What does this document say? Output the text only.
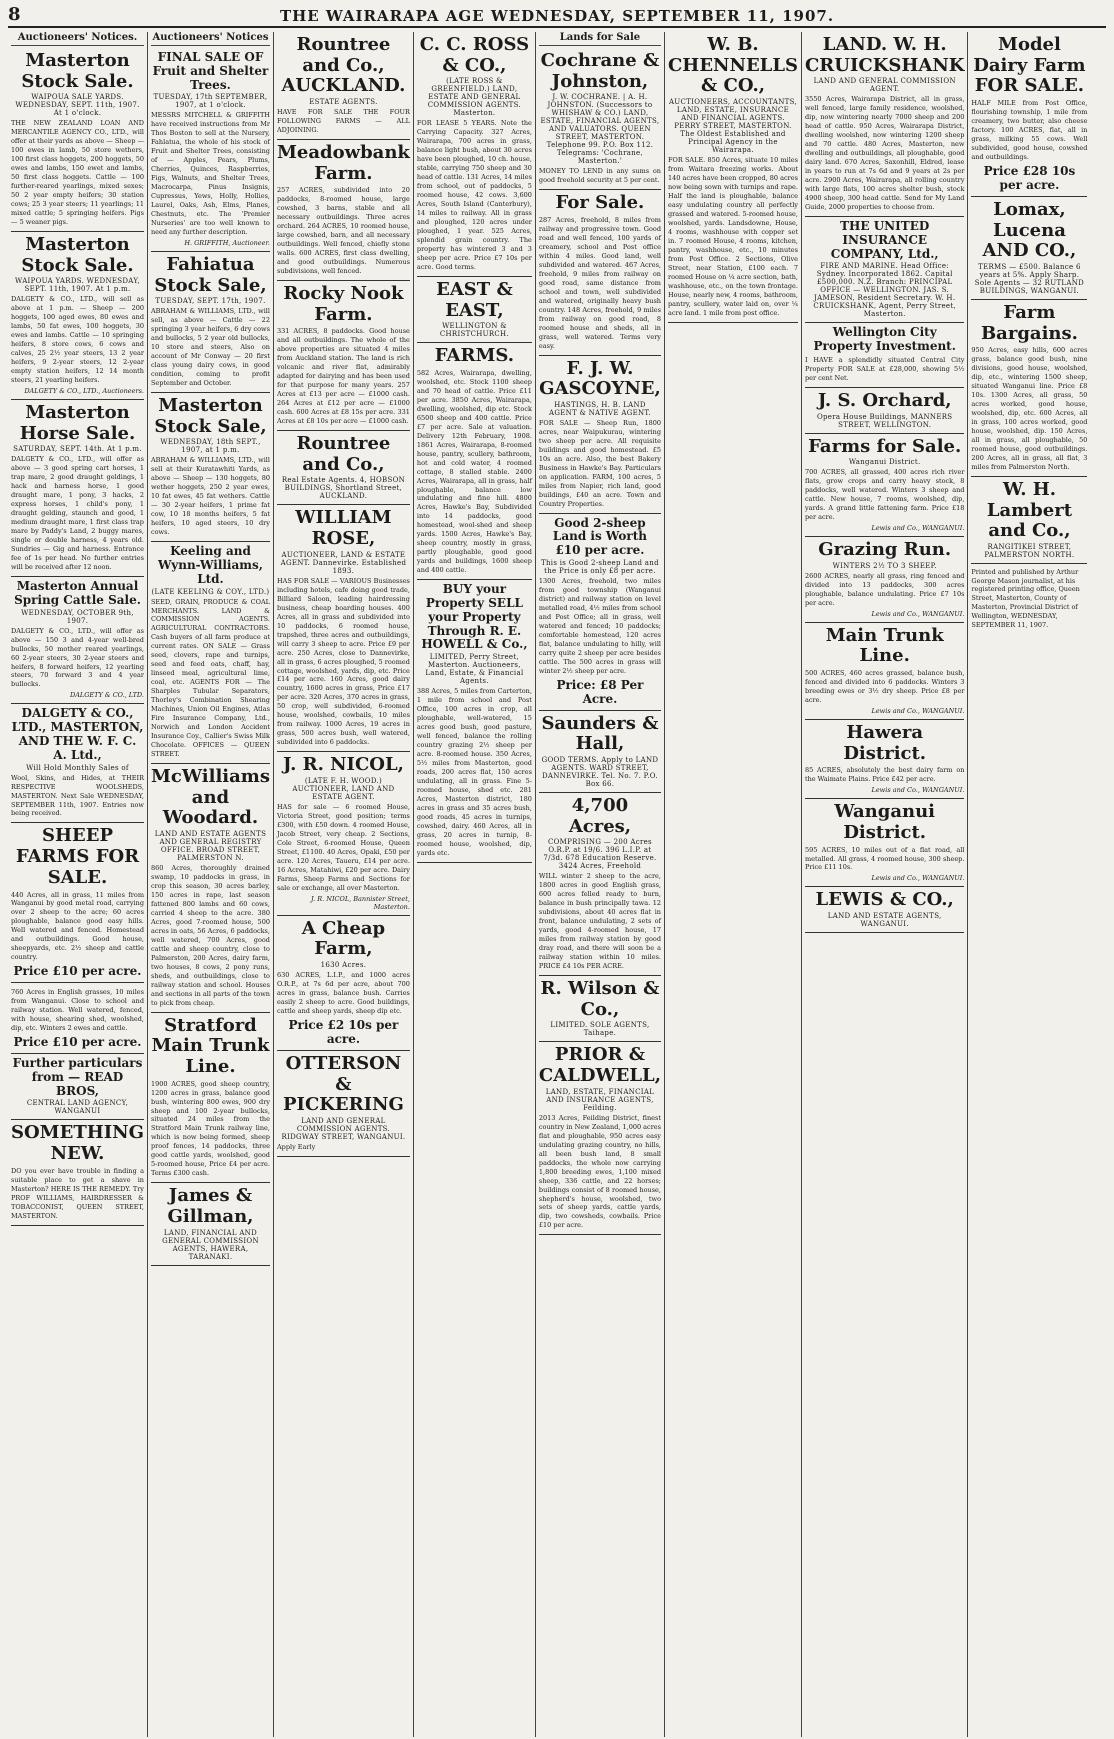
8	THE WAIRARAPA AGE WEDNESDAY, SEPTEMBER 11, 1907.
Auctioneers' Notices.
Masterton Stock Sale.
WAIPOUA SALE YARDS. WEDNESDAY, SEPT. 11th, 1907. At 1 o'clock.
THE NEW ZEALAND LOAN AND MERCANTILE AGENCY CO., LTD., will offer at their yards as above — Sheep — 100 ewes in lamb, 50 store wethers, 100 first class hoggets, 200 hoggets, 50 ewes and lambs, 150 ewet and lambs, 50 first class hoggets. Cattle — 100 further-reared yearlings, mixed sexes; 50 2 year empty heifers; 30 station cows; 25 3 year steers; 11 yearlings; 11 mixed cattle; 5 springing heifers. Pigs — 5 weaner pigs.
Masterton Stock Sale.
WAIPOUA YARDS. WEDNESDAY, SEPT. 11th, 1907. At 1 p.m.
DALGETY & CO., LTD., will sell as above at 1 p.m. — Sheep — 200 hoggets, 100 aged ewes, 80 ewes and lambs, 50 fat ewes, 100 hoggets, 30 ewes and lambs. Cattle — 10 springing heifers, 8 store cows, 6 cows and calves, 25 2½ year steers, 13 2 year heifers, 9 2-year steers, 12 2-year empty station heifers, 12 14 month steers, 21 yearling heifers.
DALGETY & CO., LTD., Auctioneers.
Masterton Horse Sale.
SATURDAY, SEPT. 14th. At 1 p.m.
DALGETY & CO., LTD., will offer as above — 3 good spring cart horses, 1 trap mare, 2 good draught geldings, 1 hack and harness horse, 1 good draught mare, 1 pony, 3 hacks, 2 express horses, 1 child's pony, 1 draught gelding, staunch and good, 1 medium draught mare, 1 first class trap mare by Paddy's Land, 2 buggy mares, single or double harness, 4 years old. Sundries — Gig and harness. Entrance fee of 1s per head. No further entries will be received after 12 noon.
Masterton Annual Spring Cattle Sale.
WEDNESDAY, OCTOBER 9th, 1907.
DALGETY & CO., LTD., will offer as above — 150 3 and 4-year well-bred bullocks, 50 mother reared yearlings, 60 2-year steers, 30 2-year steers and heifers, 8 forward heifers, 12 yearling steers, 70 forward 3 and 4 year bullocks.
DALGETY & CO., LTD.
DALGETY & CO., LTD., MASTERTON, AND THE W. F. C. A. Ltd.,
Will Hold Monthly Sales of
Wool, Skins, and Hides, at THEIR RESPECTIVE WOOLSHEDS, MASTERTON. Next Sale WEDNESDAY, SEPTEMBER 11th, 1907. Entries now being received.
SHEEP FARMS FOR SALE.
440 Acres, all in grass, 11 miles from Wanganui by good metal road, carrying over 2 sheep to the acre; 60 acres ploughable, balance good easy hills. Well watered and fenced. Homestead and outbuildings. Good house, sheepyards, etc. 2½ sheep and cattle country.
Price £10 per acre.
760 Acres in English grasses, 10 miles from Wanganui. Close to school and railway station. Well watered, fenced, with house, shearing shed, woolshed, dip, etc. Winters 2 ewes and cattle.
Price £10 per acre.
Further particulars from — READ BROS,
CENTRAL LAND AGENCY, WANGANUI
SOMETHING NEW.
DO you ever have trouble in finding a suitable place to get a shave in Masterton? HERE IS THE REMEDY. Try PROF WILLIAMS, HAIRDRESSER & TOBACCONIST, QUEEN STREET, MASTERTON.
Auctioneers' Notices
FINAL SALE OF Fruit and Shelter Trees.
TUESDAY, 17th SEPTEMBER, 1907, at 1 o'clock.
MESSRS MITCHELL & GRIFFITH have received instructions from Mr Thos Boston to sell at the Nursery, Fahlatua, the whole of his stock of Fruit and Shelter Trees, consisting of — Apples, Pears, Plums, Cherries, Quinces, Raspberries, Figs, Walnuts, and Shelter Trees, Macrocarpa, Pinus Insignis, Cupressus, Yews, Holly, Hollies, Laurel, Oaks, Ash, Elms, Planes, Chestnuts, etc. The 'Premier Nurseries' are too well known to need any further description.
H. GRIFFITH, Auctioneer.
Fahiatua Stock Sale,
TUESDAY, SEPT. 17th, 1907.
ABRAHAM & WILLIAMS, LTD., will sell, as above — Cattle — 22 springing 3 year heifers, 6 dry cows and bullocks, 5 2 year old bullocks, 10 store and steers, Also on account of Mr Conway — 20 first class young dairy cows, in good condition, coming to profit September and October.
Masterton Stock Sale,
WEDNESDAY, 18th SEPT., 1907, at 1 p.m.
ABRAHAM & WILLIAMS, LTD., will sell at their Kuratawhiti Yards, as above — Sheep — 130 hoggets, 80 wether hoggets, 250 2 year ewes, 10 fat ewes, 45 fat wethers. Cattle — 30 2-year heifers, 1 prime fat cow, 10 18 months heifers, 5 fat heifers, 10 aged steers, 10 dry cows.
Keeling and Wynn-Williams, Ltd.
(LATE KEELING & COY., LTD.)
SEED, GRAIN, PRODUCE & COAL MERCHANTS. LAND & COMMISSION AGENTS. AGRICULTURAL CONTRACTORS. Cash buyers of all farm produce at current rates. ON SALE — Grass seed, clovers, rape and turnips, seed and feed oats, chaff, hay, linseed meal, agricultural lime, coal, etc. AGENTS FOR — The Sharples Tubular Separators, Thorley's Combination Shearing Machines, Union Oil Engines, Atlas Fire Insurance Company, Ltd., Norwich and London Accident Insurance Coy., Callier's Swiss Milk Chocolate. OFFICES — QUEEN STREET.
McWilliams and Woodard.
LAND AND ESTATE AGENTS AND GENERAL REGISTRY OFFICE. BROAD STREET, PALMERSTON N.
860 Acres, thoroughly drained swamp, 10 paddocks in grass, in crop this season, 30 acres barley, 150 acres in rape, last season fattened 800 lambs and 60 cows, carried 4 sheep to the acre. 380 Acres, good 7-roomed house, 500 acres in oats, 56 Acres, 6 paddocks, well watered, 700 Acres, good cattle and sheep country, close to Palmerston, 200 Acres, dairy farm, two houses, 8 cows, 2 pony runs, sheds, and outbuildings, close to railway station and school. Houses and sections in all parts of the town to pick from cheap.
Stratford Main Trunk Line.
1900 ACRES, good sheep country, 1200 acres in grass, balance good bush, wintering 800 ewes, 900 dry sheep and 100 2-year bullocks, situated 24 miles from the Stratford Main Trunk railway line, which is now being formed, sheep proof fences, 14 paddocks, three good cattle yards, woolshed, good 5-roomed house, Price £4 per acre. Terms £300 cash.
James & Gillman,
LAND, FINANCIAL AND GENERAL COMMISSION AGENTS, HAWERA, TARANAKI.
Rountree and Co., AUCKLAND.
ESTATE AGENTS.
HAVE FOR SALE THE FOUR FOLLOWING FARMS — ALL ADJOINING.
Meadowbank Farm.
257 ACRES, subdivided into 20 paddocks, 8-roomed house, large cowshed, 3 barns, stable and all necessary outbuildings. Three acres orchard. 264 ACRES, 10 roomed house, large cowshed, barn, and all necessary outbuildings. Well fenced, chiefly stone walls. 600 ACRES, first class dwelling, and good outbuildings. Numerous subdivisions, well fenced.
Rocky Nook Farm.
331 ACRES, 8 paddocks. Good house and all outbuildings. The whole of the above properties are situated 4 miles from Auckland station. The land is rich volcanic and river flat, admirably adapted for dairying and has been used for that purpose for many years. 257 Acres at £13 per acre — £1000 cash. 264 Acres at £12 per acre — £1000 cash. 600 Acres at £8 15s per acre. 331 Acres at £8 10s per acre — £1000 cash.
Rountree and Co.,
Real Estate Agents. 4, HOBSON BUILDINGS, Shortland Street, AUCKLAND.
WILLIAM ROSE,
AUCTIONEER, LAND & ESTATE AGENT. Dannevirke. Established 1893.
HAS FOR SALE — VARIOUS Businesses including hotels, cafe doing good trade, Billiard Saloon, leading hairdressing business, cheap boarding houses. 400 Acres, all in grass and subdivided into 10 paddocks, 6 roomed house, trapshed, three acres and outbuildings, will carry 3 sheep to acre. Price £9 per acre. 250 Acres, close to Dannevirke, all in grass, 6 acres ploughed, 5 roomed cottage, woolshed, yards, dip, etc. Price £14 per acre. 160 Acres, good dairy country, 1600 acres in grass, Price £17 per acre. 320 Acres, 370 acres in grass, 50 crop, well subdivided, 6-roomed house, woolshed, cowbails, 10 miles from railway. 1000 Acres, 19 acres in grass, 500 acres bush, well watered, subdivided into 6 paddocks.
J. R. NICOL,
(LATE F. H. WOOD.) AUCTIONEER, LAND AND ESTATE AGENT.
HAS for sale — 6 roomed House, Victoria Street, good position; terms £300, with £50 down. 4 roomed House, Jacob Street, very cheap. 2 Sections, Cole Street, 6-roomed House, Queen Street, £1100. 40 Acres, Opaki, £50 per acre. 120 Acres, Taueru, £14 per acre. 16 Acres, Matahiwi, £20 per acre. Dairy Farms, Sheep Farms and Sections for sale or exchange, all over Masterton.
J. R. NICOL, Bannister Street, Masterton.
A Cheap Farm,
1630 Acres.
630 ACRES, L.I.P., and 1000 acres O.R.P., at 7s 6d per acre, about 700 acres in grass, balance bush. Carries easily 2 sheep to acre. Good buildings, cattle and sheep yards, sheep dip etc.
Price £2 10s per acre.
OTTERSON & PICKERING
LAND AND GENERAL COMMISSION AGENTS. RIDGWAY STREET, WANGANUI.
Apply Early
C. C. ROSS & CO.,
(LATE ROSS & GREENFIELD.) LAND, ESTATE AND GENERAL COMMISSION AGENTS. Masterton.
FOR LEASE 5 YEARS. Note the Carrying Capacity. 327 Acres, Wairarapa, 700 acres in grass, balance light bush, about 30 acres have been ploughed, 10 ch. house, stable, carrying 750 sheep and 30 head of cattle. 131 Acres, 14 miles from school, out of paddocks, 5 roomed house, 42 cows. 3,600 Acres, South Island (Canterbury), 14 miles to railway. All in grass and ploughed, 120 acres under ploughed, 1 year. 525 Acres, splendid grain country. The property has wintered 3 and 3 sheep per acre. Price £7 10s per acre. Good terms.
EAST & EAST,
WELLINGTON & CHRISTCHURCH.
FARMS.
582 Acres, Wairarapa, dwelling, woolshed, etc. Stock 1100 sheep and 70 head of cattle. Price £11 per acre. 3850 Acres, Wairarapa, dwelling, woolshed, dip etc. Stock 6500 sheep and 400 cattle. Price £7 per acre. Sale at valuation. Delivery 12th February, 1908. 1861 Acres, Wairarapa, 8-roomed house, pantry, scullery, bathroom, hot and cold water, 4 roomed cottage, 8 stalled stable. 2400 Acres, Wairarapa, all in grass, half ploughable, balance low undulating and fine hill. 4800 Acres, Hawke's Bay, Subdivided into 14 paddocks, good homestead, wool-shed and sheep yards. 1500 Acres, Hawke's Bay, sheep country, mostly in grass, partly ploughable, good good yards and buildings, 1600 sheep and 400 cattle.
BUY your Property SELL your Property Through R. E. HOWELL & Co.,
LIMITED, Perry Street, Masterton. Auctioneers, Land, Estate, & Financial Agents.
388 Acres, 5 miles from Carterton, 1 mile from school and Post Office, 100 acres in crop, all ploughable, well-watered, 15 acres good bush, good pasture, well fenced, balance the rolling country grazing 2½ sheep per acre. 8-roomed house. 350 Acres, 5½ miles from Masterton, good roads, 200 acres flat, 150 acres undulating, all in grass. Fine 5-roomed house, shed etc. 281 Acres, Masterton district, 180 acres in grass and 35 acres bush, good roads, 45 acres in turnips, cowshed, dairy. 460 Acres, all in grass, 20 acres in turnip, 8-roomed house, woolshed, dip, yards etc.
Lands for Sale
Cochrane & Johnston,
J. W. COCHRANE. | A. H. JOHNSTON. (Successors to WHISHAW & CO.) LAND, ESTATE, FINANCIAL AGENTS, AND VALUATORS. QUEEN STREET, MASTERTON. Telephone 99. P.O. Box 112. Telegrams: 'Cochrane, Masterton.'
MONEY TO LEND in any sums on good freehold security at 5 per cent.
For Sale.
287 Acres, freehold, 8 miles from railway and progressive town. Good road and well fenced, 100 yards of creamery, school and Post office within 4 miles. Good land, well subdivided and watered. 467 Acres, freehold, 9 miles from railway on good road, same distance from school and town, well subdivided and watered, originally heavy bush country. 148 Acres, freehold, 9 miles from railway on good road, 8 roomed house and sheds, all in grass, well watered. Terms very easy.
F. J. W. GASCOYNE,
HASTINGS, H. B. LAND AGENT & NATIVE AGENT.
FOR SALE — Sheep Run, 1800 acres, near Waipukurau, wintering two sheep per acre. All requisite buildings and good homestead. £5 10s an acre. Also, the best Bakery Business in Hawke's Bay. Particulars on application. FARM, 100 acres, 5 miles from Napier, rich land, good buildings, £40 an acre. Town and Country Properties.
Good 2-sheep Land is Worth £10 per acre.
This is Good 2-sheep Land and the Price is only £8 per acre.
1300 Acres, freehold, two miles from good township (Wanganui district) and railway station on level metalled road, 4½ miles from school and Post Office; all in grass, well watered and fenced; 10 paddocks; comfortable homestead, 120 acres flat, balance undulating to hilly, will carry quite 2 sheep per acre besides cattle. The 500 acres in grass will winter 2½ sheep per acre.
Price: £8 Per Acre.
Saunders & Hall,
GOOD TERMS. Apply to LAND AGENTS. WARD STREET, DANNEVIRKE. Tel. No. 7. P.O. Box 66.
4,700 Acres,
COMPRISING — 200 Acres O.R.P. at 19/6. 396 L.I.P. at 7/3d. 678 Education Reserve. 3424 Acres, Freehold
WILL winter 2 sheep to the acre, 1800 acres in good English grass, 600 acres felled ready to burn, balance in bush principally tawa. 12 subdivisions, about 40 acres flat in front, balance undulating, 2 sets of yards, good 4-roomed house, 17 miles from railway station by good dray road, and there will soon be a railway station within 10 miles. PRICE £4 10s PER ACRE.
R. Wilson & Co.,
LIMITED. SOLE AGENTS, Taihape.
PRIOR & CALDWELL,
LAND, ESTATE, FINANCIAL AND INSURANCE AGENTS, Feilding.
2013 Acres, Feilding District, finest country in New Zealand, 1,000 acres flat and ploughable, 950 acres easy undulating grazing country, no hills, all been bush land, 8 small paddocks, the whole now carrying 1,800 breeding ewes, 1,100 mixed sheep, 336 cattle, and 22 horses; buildings consist of 8 roomed house, shepherd's house, woolshed, two sets of sheep yards, cattle yards, dip, two cowsheds, cowbails. Price £10 per acre.
W. B. CHENNELLS & CO.,
AUCTIONEERS, ACCOUNTANTS, LAND, ESTATE, INSURANCE AND FINANCIAL AGENTS. PERRY STREET, MASTERTON. The Oldest Established and Principal Agency in the Wairarapa.
FOR SALE. 850 Acres, situate 10 miles from Waitara freezing works. About 140 acres have been cropped, 80 acres now being sown with turnips and rape. Half the land is ploughable, balance easy undulating country all perfectly grassed and watered. 5-roomed house, woolshed, yards. Landsdowne, House, 4 rooms, washhouse with copper set in. 7 roomed House, 4 rooms, kitchen, pantry, washhouse, etc., 10 minutes from Post Office. 2 Sections, Olive Street, near Station, £100 each. 7 roomed House on ¼ acre section, bath, washhouse, etc., on the town frontage. House, nearly new, 4 rooms, bathroom, pantry, scullery, water laid on, over ¼ acre land. 1 mile from post office.
LAND. W. H. CRUICKSHANK
LAND AND GENERAL COMMISSION AGENT.
3550 Acres, Wairarapa District, all in grass, well fenced, large family residence, woolshed, dip, now wintering nearly 7000 sheep and 200 head of cattle. 950 Acres, Wairarapa District, dwelling woolshed, now wintering 1200 sheep and 70 cattle. 480 Acres, Masterton, new dwelling and outbuildings, all ploughable, good dairy land. 670 Acres, Saxonhill, Eldred, lease in years to run at 7s 6d and 9 years at 2s per acre. 2900 Acres, Wairarapa, all rolling country with large flats, 100 acres shelter bush, stock 4900 sheep, 300 head cattle. Send for My Land Guide, 2000 properties to choose from.
THE UNITED INSURANCE COMPANY, Ltd.,
FIRE AND MARINE. Head Office: Sydney. Incorporated 1862. Capital £500,000. N.Z. Branch: PRINCIPAL OFFICE — WELLINGTON. JAS. S. JAMESON, Resident Secretary. W. H. CRUICKSHANK, Agent, Perry Street, Masterton.
Wellington City Property Investment.
I HAVE a splendidly situated Central City Property FOR SALE at £28,000, showing 5½ per cent Net.
J. S. Orchard,
Opera House Buildings, MANNERS STREET, WELLINGTON.
Farms for Sale.
Wanganui District.
700 ACRES, all grassed, 400 acres rich river flats, grow crops and carry heavy stock, 8 paddocks, well watered. Winters 3 sheep and cattle. New house, 7 rooms, woolshed, dip, yards. A grand little fattening farm. Price £18 per acre.
Lewis and Co., WANGANUI.
Grazing Run.
WINTERS 2½ TO 3 SHEEP.
2600 ACRES, nearly all grass, ring fenced and divided into 13 paddocks, 300 acres ploughable, balance undulating. Price £7 10s per acre.
Lewis and Co., WANGANUI.
Main Trunk Line.
500 ACRES, 460 acres grassed, balance bush, fenced and divided into 6 paddocks. Winters 3 breeding ewes or 3½ dry sheep. Price £8 per acre.
Lewis and Co., WANGANUI.
Hawera District.
85 ACRES, absolutely the best dairy farm on the Waimate Plains. Price £42 per acre.
Lewis and Co., WANGANUI.
Wanganui District.
595 ACRES, 10 miles out of a flat road, all metalled. All grass, 4 roomed house, 300 sheep. Price £11 10s.
Lewis and Co., WANGANUI.
LEWIS & CO.,
LAND AND ESTATE AGENTS, WANGANUI.
Model Dairy Farm FOR SALE.
HALF MILE from Post Office, flourishing township, 1 mile from creamery, two butter, also cheese factory. 100 ACRES, flat, all in grass, milking 55 cows. Well subdivided, good house, cowshed and outbuildings.
Price £28 10s per acre.
Lomax, Lucena AND CO.,
TERMS — £500. Balance 6 years at 5%. Apply Sharp. Sole Agents — 32 RUTLAND BUILDINGS, WANGANUI.
Farm Bargains.
950 Acres, easy hills, 600 acres grass, balance good bush, nine divisions, good house, woolshed, dip, etc., wintering 1500 sheep, situated Wanganui line. Price £8 10s. 1300 Acres, all grass, 50 acres worked, good house, woolshed, dip, etc. 600 Acres, all in grass, 100 acres worked, good house, woolshed, dip. 150 Acres, all in grass, all ploughable, 50 roomed house, good outbuildings. 200 Acres, all in grass, all flat, 3 miles from Palmerston North.
W. H. Lambert and Co.,
RANGITIKEI STREET, PALMERSTON NORTH.
Printed and published by Arthur George Mason journalist, at his registered printing office, Queen Street, Masterton, County of Masterton, Provincial District of Wellington, WEDNESDAY, SEPTEMBER 11, 1907.
